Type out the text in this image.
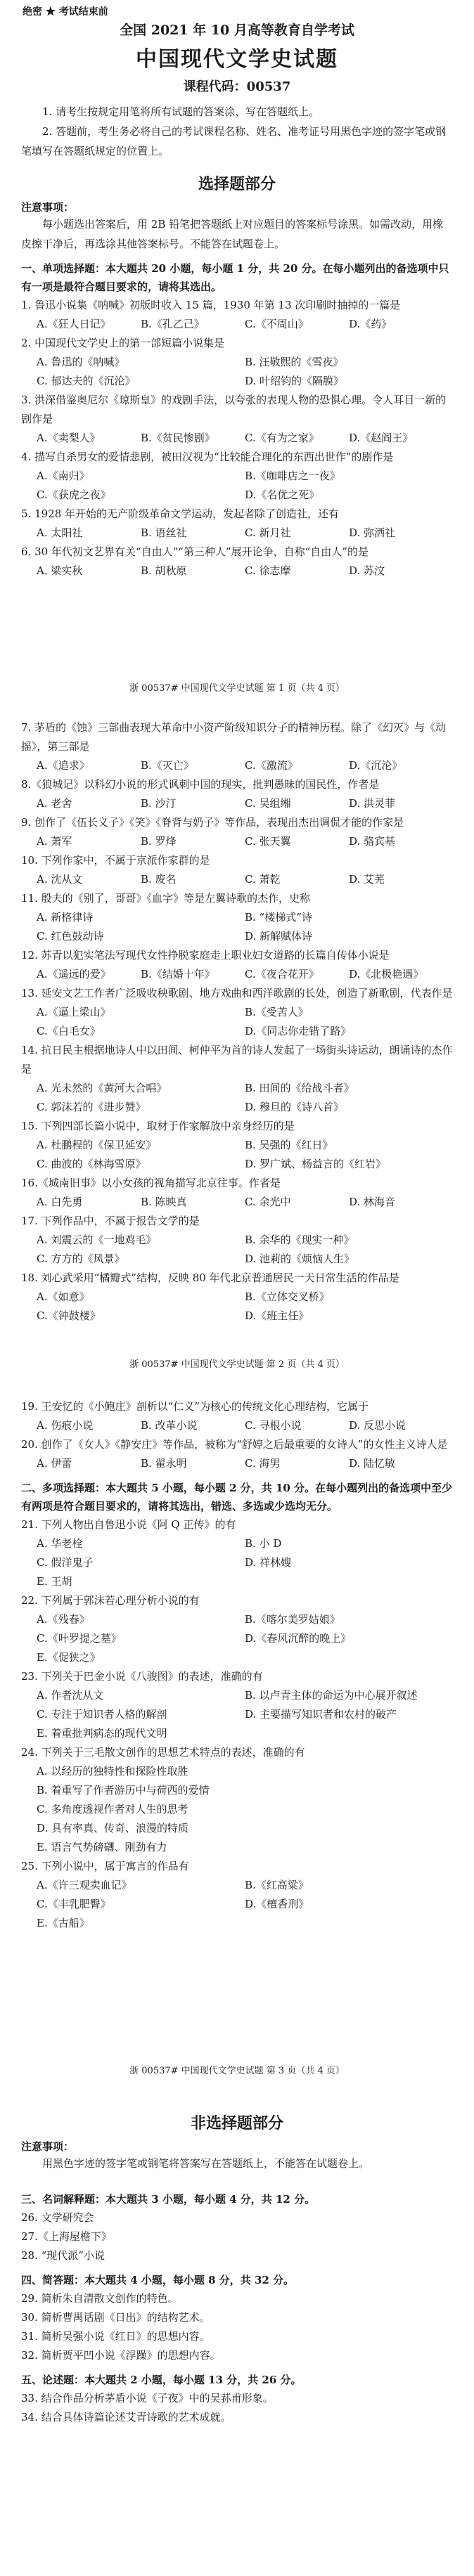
绝密 ★ 考试结束前
全国 2021 年 10 月高等教育自学考试
中国现代文学史试题
课程代码：00537

1. 请考生按规定用笔将所有试题的答案涂、写在答题纸上。

2. 答题前，考生务必将自己的考试课程名称、姓名、准考证号用黑色字迹的签字笔或钢笔填写在答题纸规定的位置上。

选择题部分
注意事项：

每小题选出答案后，用 2B 铅笔把答题纸上对应题目的答案标号涂黑。如需改动，用橡皮擦干净后，再选涂其他答案标号。不能答在试题卷上。

一、单项选择题：本大题共 20 小题，每小题 1 分，共 20 分。在每小题列出的备选项中只有一项是最符合题目要求的，请将其选出。
1. 鲁迅小说集《呐喊》初版时收入 15 篇，1930 年第 13 次印刷时抽掉的一篇是
A.《狂人日记》	B.《孔乙己》	C.《不周山》	D.《药》
2. 中国现代文学史上的第一部短篇小说集是
A. 鲁迅的《呐喊》	B. 汪敬熙的《雪夜》
C. 郁达夫的《沉沦》	D. 叶绍钧的《隔膜》
3. 洪深借鉴奥尼尔《琼斯皇》的戏剧手法，以夸张的表现人物的恐惧心理。令人耳目一新的剧作是
A.《卖梨人》	B.《贫民惨剧》	C.《有为之家》	D.《赵阎王》
4. 描写自杀男女的爱情悲剧，被田汉视为“比较能合理化的东西出世作”的剧作是
A.《南归》	B.《咖啡店之一夜》
C.《获虎之夜》	D.《名优之死》
5. 1928 年开始的无产阶级革命文学运动，发起者除了创造社，还有
A. 太阳社	B. 语丝社	C. 新月社	D. 弥洒社
6. 30 年代初文艺界有关“自由人”“第三种人”展开论争，自称“自由人”的是
A. 梁实秋	B. 胡秋原	C. 徐志摩	D. 苏汶
浙 00537# 中国现代文学史试题 第 1 页（共 4 页）
7. 茅盾的《蚀》三部曲表现大革命中小资产阶级知识分子的精神历程。除了《幻灭》与《动摇》，第三部是
A.《追求》	B.《灭亡》	C.《激流》	D.《沉沦》
8.《狼城记》以科幻小说的形式讽刺中国的现实，批判愚昧的国民性，作者是
A. 老舍	B. 沙汀	C. 吴组缃	D. 洪灵菲
9. 创作了《伍长义子》《笑》《脊背与奶子》等作品，表现出杰出调侃才能的作家是
A. 萧军	B. 罗烽	C. 张天翼	D. 骆宾基
10. 下列作家中，不属于京派作家群的是
A. 沈从文	B. 废名	C. 萧乾	D. 艾芜
11. 殷夫的《别了，哥哥》《血字》等是左翼诗歌的杰作，史称
A. 新格律诗	B. “楼梯式”诗
C. 红色鼓动诗	D. 新解赋体诗
12. 苏青以犯实笔法写现代女性挣脱家庭走上职业妇女道路的长篇自传体小说是
A.《遥远的爱》	B.《结婚十年》	C.《夜合花开》	D.《北极艳遇》
13. 延安文艺工作者广泛吸收秧歌剧、地方戏曲和西洋歌剧的长处，创造了新歌剧，代表作是
A.《逼上梁山》	B.《受苦人》
C.《白毛女》	D.《同志你走错了路》
14. 抗日民主根据地诗人中以田间、柯仲平为首的诗人发起了一场街头诗运动，朗诵诗的杰作是
A. 光未然的《黄河大合唱》	B. 田间的《给战斗者》
C. 郭沫若的《进步赞》	D. 穆旦的《诗八首》
15. 下列四部长篇小说中，取材于作家解放中亲身经历的是
A. 杜鹏程的《保卫延安》	B. 吴强的《红日》
C. 曲波的《林海雪原》	D. 罗广斌、杨益言的《红岩》
16.《城南旧事》以小女孩的视角描写北京往事。作者是
A. 白先勇	B. 陈映真	C. 余光中	D. 林海音
17. 下列作品中，不属于报告文学的是
A. 刘震云的《一地鸡毛》	B. 余华的《现实一种》
C. 方方的《风景》	D. 池莉的《烦恼人生》
18. 刘心武采用“橘瓣式”结构，反映 80 年代北京普通居民一天日常生活的作品是
A.《如意》	B.《立体交叉桥》
C.《钟鼓楼》	D.《班主任》
浙 00537# 中国现代文学史试题 第 2 页（共 4 页）
19. 王安忆的《小鲍庄》剖析以“仁义”为核心的传统文化心理结构，它属于
A. 伤痕小说	B. 改革小说	C. 寻根小说	D. 反思小说
20. 创作了《女人》《静安庄》等作品，被称为“舒婷之后最重要的女诗人”的女性主义诗人是
A. 伊蕾	B. 翟永明	C. 海男	D. 陆忆敏
二、多项选择题：本大题共 5 小题，每小题 2 分，共 10 分。在每小题列出的备选项中至少有两项是符合题目要求的，请将其选出，错选、多选或少选均无分。
21. 下列人物出自鲁迅小说《阿 Q 正传》的有
A. 华老栓	B. 小 D
C. 假洋鬼子	D. 祥林嫂
E. 王胡
22. 下列属于郭沫若心理分析小说的有
A.《残春》	B.《喀尔美罗姑娘》
C.《叶罗提之墓》	D.《春风沉醉的晚上》
E.《促狭之》
23. 下列关于巴金小说《八骏图》的表述，准确的有
A. 作者沈从文	B. 以卢青主体的命运为中心展开叙述
C. 专注于知识者人格的解剖	D. 主要描写知识者和农村的破产
E. 着重批判病态的现代文明
24. 下列关于三毛散文创作的思想艺术特点的表述，准确的有
A. 以经历的独特性和探险性取胜
B. 着重写了作者游历中与荷西的爱情
C. 多角度透视作者对人生的思考
D. 具有率真、传奇、浪漫的特质
E. 语言气势磅礴、刚劲有力
25. 下列小说中，属于寓言的作品有
A.《许三观卖血记》	B.《红高粱》
C.《丰乳肥臀》	D.《檀香刑》
E.《古船》
浙 00537# 中国现代文学史试题 第 3 页（共 4 页）
非选择题部分
注意事项：

用黑色字迹的签字笔或钢笔将答案写在答题纸上，不能答在试题卷上。

三、名词解释题：本大题共 3 小题，每小题 4 分，共 12 分。
26. 文学研究会
27.《上海屋檐下》
28. “现代派”小说
四、简答题：本大题共 4 小题，每小题 8 分，共 32 分。
29. 简析朱自清散文创作的特色。
30. 简析曹禺话剧《日出》的结构艺术。
31. 简析吴强小说《红日》的思想内容。
32. 简析贾平凹小说《浮躁》的思想内容。
五、论述题：本大题共 2 小题，每小题 13 分，共 26 分。
33. 结合作品分析茅盾小说《子夜》中的吴荪甫形象。
34. 结合具体诗篇论述艾青诗歌的艺术成就。
